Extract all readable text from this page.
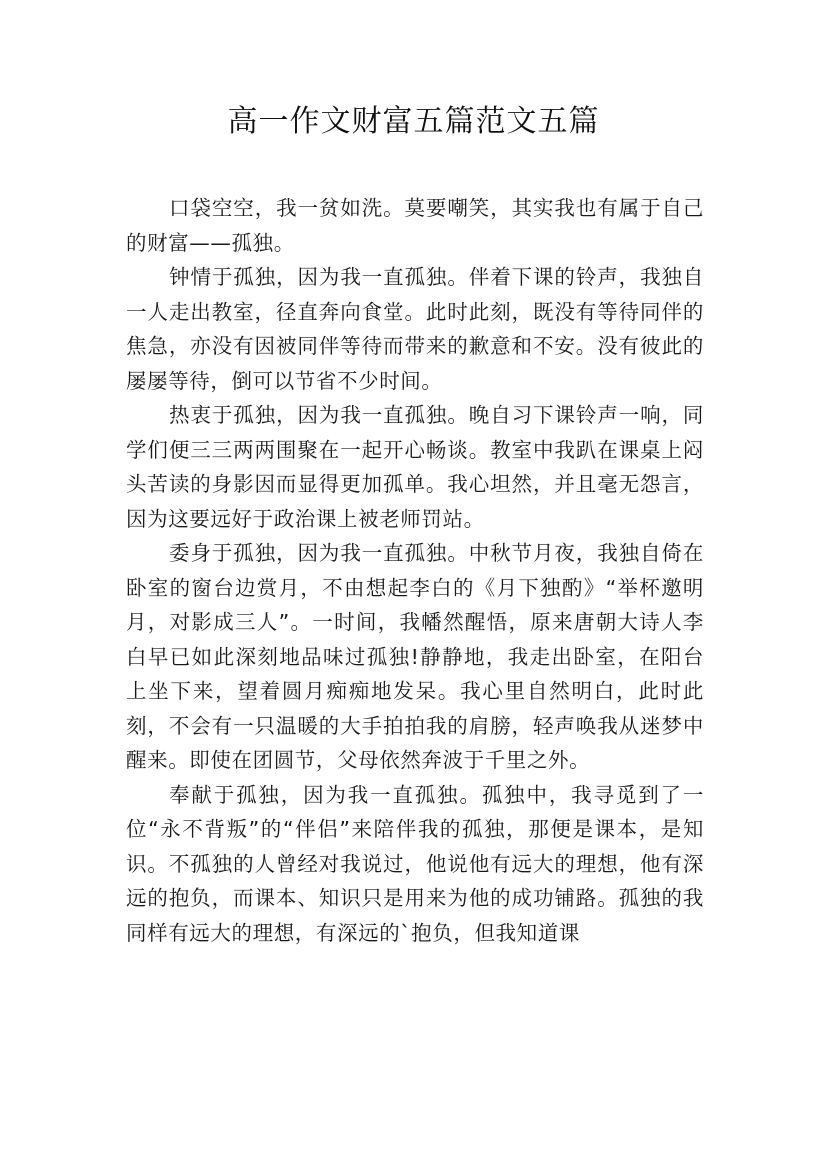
高一作文财富五篇范文五篇

口袋空空，我一贫如洗。莫要嘲笑，其实我也有属于自己的财富——孤独。

钟情于孤独，因为我一直孤独。伴着下课的铃声，我独自一人走出教室，径直奔向食堂。此时此刻，既没有等待同伴的焦急，亦没有因被同伴等待而带来的歉意和不安。没有彼此的屡屡等待，倒可以节省不少时间。

热衷于孤独，因为我一直孤独。晚自习下课铃声一响，同学们便三三两两围聚在一起开心畅谈。教室中我趴在课桌上闷头苦读的身影因而显得更加孤单。我心坦然，并且毫无怨言，因为这要远好于政治课上被老师罚站。

委身于孤独，因为我一直孤独。中秋节月夜，我独自倚在卧室的窗台边赏月，不由想起李白的《月下独酌》“举杯邀明月，对影成三人”。一时间，我幡然醒悟，原来唐朝大诗人李白早已如此深刻地品味过孤独!静静地，我走出卧室，在阳台上坐下来，望着圆月痴痴地发呆。我心里自然明白，此时此刻，不会有一只温暖的大手拍拍我的肩膀，轻声唤我从迷梦中醒来。即使在团圆节，父母依然奔波于千里之外。

奉献于孤独，因为我一直孤独。孤独中，我寻觅到了一位“永不背叛”的“伴侣”来陪伴我的孤独，那便是课本，是知识。不孤独的人曾经对我说过，他说他有远大的理想，他有深远的抱负，而课本、知识只是用来为他的成功铺路。孤独的我同样有远大的理想，有深远的`抱负，但我知道课
